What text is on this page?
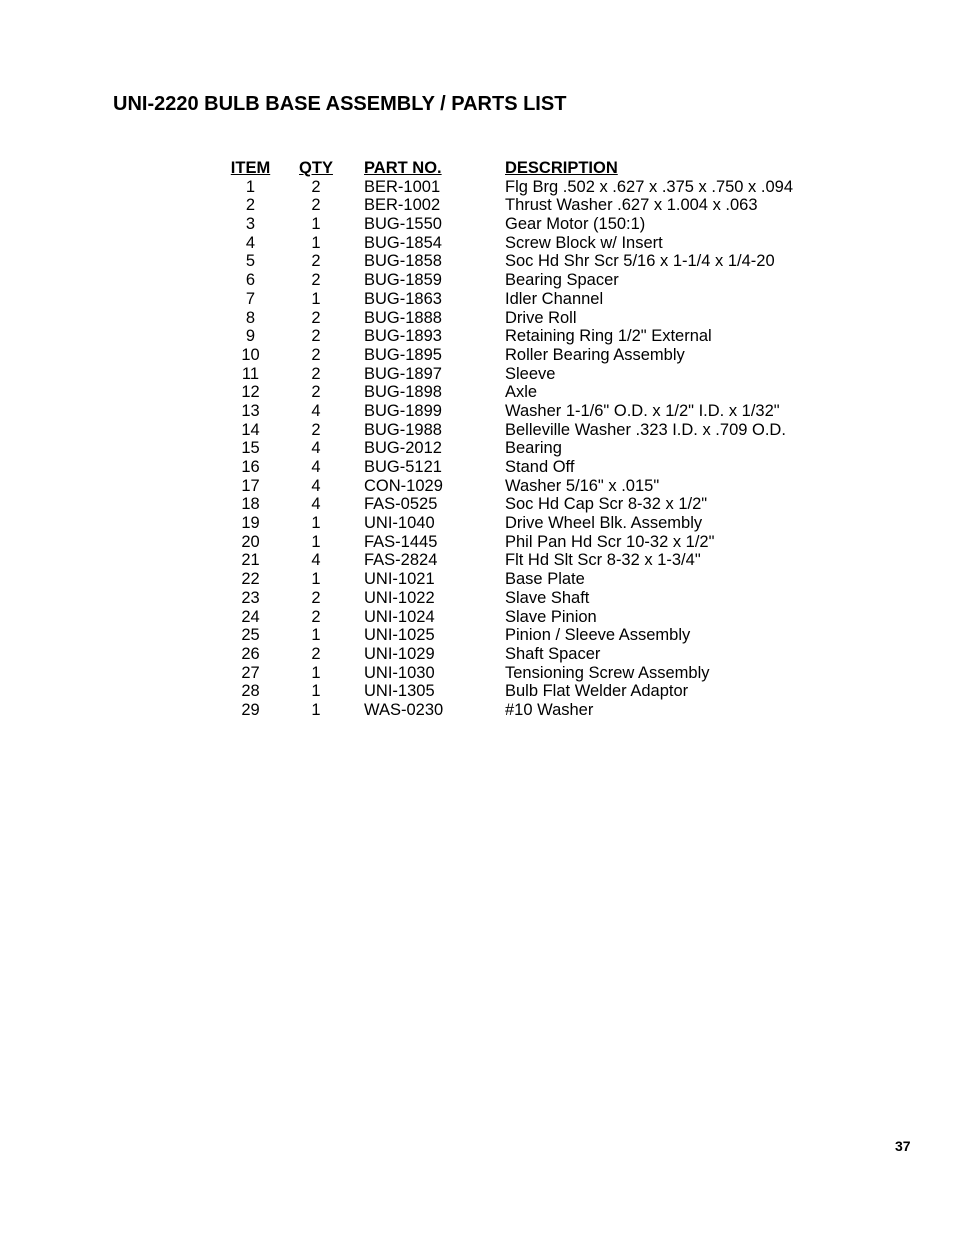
UNI-2220 BULB BASE ASSEMBLY / PARTS LIST
ITEM QTY PART NO.	DESCRIPTION
1	2	BER-1001	Flg Brg .502 x .627 x .375 x .750 x .094
2	2	BER-1002	Thrust Washer .627 x 1.004 x .063
3	1	BUG-1550	Gear Motor (150:1)
4	1	BUG-1854	Screw Block w/ Insert
5	2	BUG-1858	Soc Hd Shr Scr 5/16 x 1-1/4 x 1/4-20
6	2	BUG-1859	Bearing Spacer
7	1	BUG-1863	Idler Channel
8	2	BUG-1888	Drive Roll
9	2	BUG-1893	Retaining Ring 1/2" External
10	2	BUG-1895	Roller Bearing Assembly
11	2	BUG-1897	Sleeve
12	2	BUG-1898	Axle
13	4	BUG-1899	Washer 1-1/6" O.D. x 1/2" I.D. x 1/32"
14	2	BUG-1988	Belleville Washer .323 I.D. x .709 O.D.
15	4	BUG-2012	Bearing
16	4	BUG-5121	Stand Off
17	4	CON-1029	Washer 5/16" x .015"
18	4	FAS-0525	Soc Hd Cap Scr 8-32 x 1/2"
19	1	UNI-1040	Drive Wheel Blk. Assembly
20	1	FAS-1445	Phil Pan Hd Scr 10-32 x 1/2"
21	4	FAS-2824	Flt Hd Slt Scr 8-32 x 1-3/4"
22	1	UNI-1021	Base Plate
23	2	UNI-1022	Slave Shaft
24	2	UNI-1024	Slave Pinion
25	1	UNI-1025	Pinion / Sleeve Assembly
26	2	UNI-1029	Shaft Spacer
27	1	UNI-1030	Tensioning Screw Assembly
28	1	UNI-1305	Bulb Flat Welder Adaptor
29	1	WAS-0230	#10 Washer
37
